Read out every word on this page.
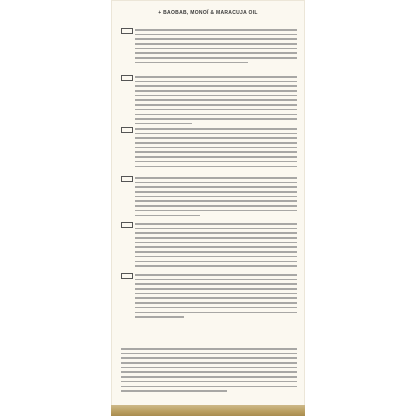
+ BAOBAB, MONOÏ & MARACUJA OIL
